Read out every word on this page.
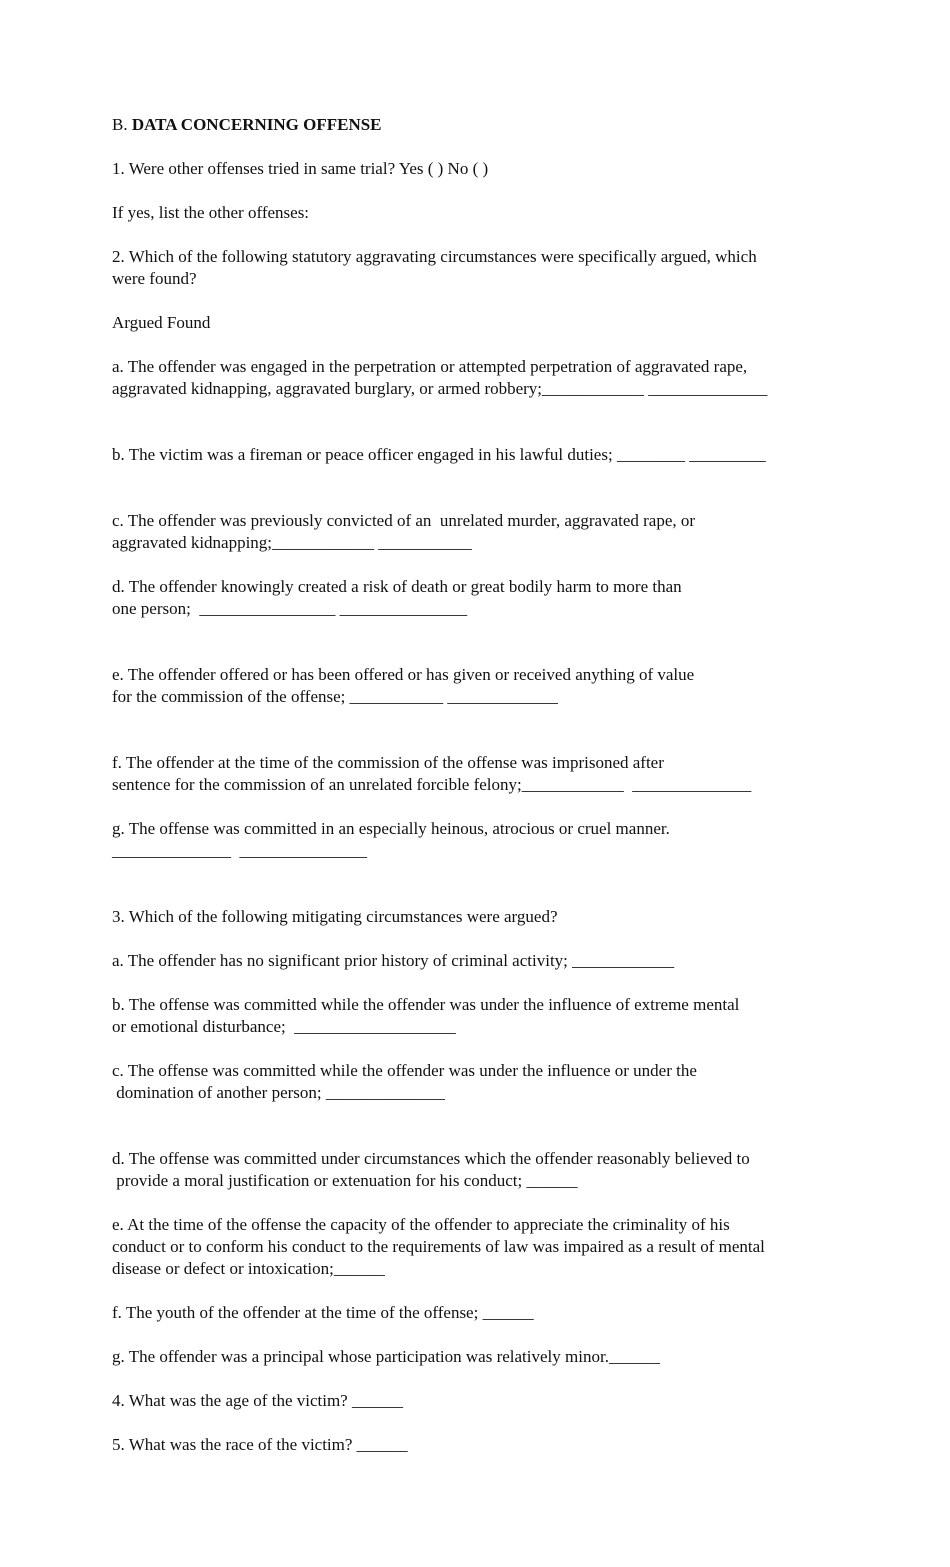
B. DATA CONCERNING OFFENSE
1. Were other offenses tried in same trial? Yes ( ) No ( )
If yes, list the other offenses:
2. Which of the following statutory aggravating circumstances were specifically argued, which
were found?
Argued Found
a. The offender was engaged in the perpetration or attempted perpetration of aggravated rape,
aggravated kidnapping, aggravated burglary, or armed robbery;____________ ______________
b. The victim was a fireman or peace officer engaged in his lawful duties; ________ _________
c. The offender was previously convicted of an  unrelated murder, aggravated rape, or
aggravated kidnapping;____________ ___________
d. The offender knowingly created a risk of death or great bodily harm to more than
one person;  ________________ _______________
e. The offender offered or has been offered or has given or received anything of value
for the commission of the offense; ___________ _____________
f. The offender at the time of the commission of the offense was imprisoned after
sentence for the commission of an unrelated forcible felony;____________  ______________
g. The offense was committed in an especially heinous, atrocious or cruel manner.
______________  _______________
3. Which of the following mitigating circumstances were argued?
a. The offender has no significant prior history of criminal activity; ____________
b. The offense was committed while the offender was under the influence of extreme mental
or emotional disturbance;  ___________________
c. The offense was committed while the offender was under the influence or under the
domination of another person; ______________
d. The offense was committed under circumstances which the offender reasonably believed to
provide a moral justification or extenuation for his conduct; ______
e. At the time of the offense the capacity of the offender to appreciate the criminality of his
conduct or to conform his conduct to the requirements of law was impaired as a result of mental
disease or defect or intoxication;______
f. The youth of the offender at the time of the offense; ______
g. The offender was a principal whose participation was relatively minor.______
4. What was the age of the victim? ______
5. What was the race of the victim? ______
